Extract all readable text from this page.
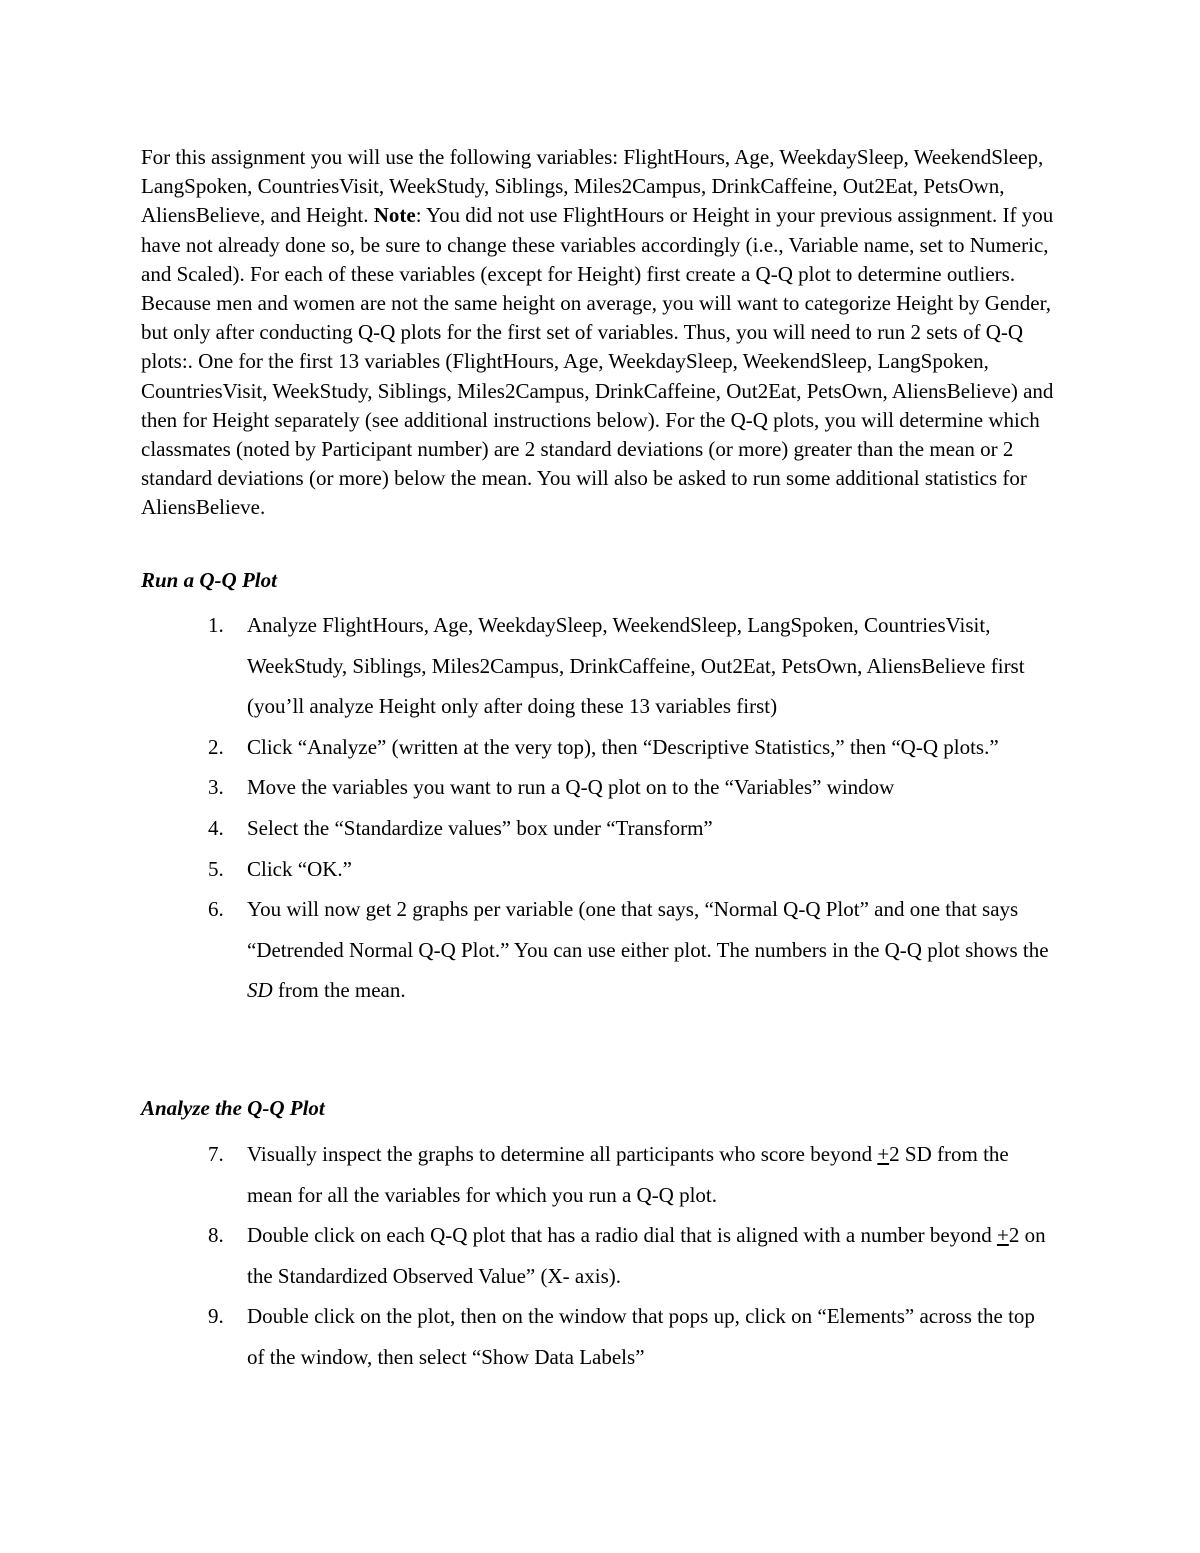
For this assignment you will use the following variables: FlightHours, Age, WeekdaySleep, WeekendSleep, LangSpoken, CountriesVisit, WeekStudy, Siblings, Miles2Campus, DrinkCaffeine, Out2Eat, PetsOwn, AliensBelieve, and Height. Note: You did not use FlightHours or Height in your previous assignment. If you have not already done so, be sure to change these variables accordingly (i.e., Variable name, set to Numeric, and Scaled). For each of these variables (except for Height) first create a Q-Q plot to determine outliers. Because men and women are not the same height on average, you will want to categorize Height by Gender, but only after conducting Q-Q plots for the first set of variables. Thus, you will need to run 2 sets of Q-Q plots:. One for the first 13 variables (FlightHours, Age, WeekdaySleep, WeekendSleep, LangSpoken, CountriesVisit, WeekStudy, Siblings, Miles2Campus, DrinkCaffeine, Out2Eat, PetsOwn, AliensBelieve) and then for Height separately (see additional instructions below). For the Q-Q plots, you will determine which classmates (noted by Participant number) are 2 standard deviations (or more) greater than the mean or 2 standard deviations (or more) below the mean. You will also be asked to run some additional statistics for AliensBelieve.

Run a Q-Q Plot

1. Analyze FlightHours, Age, WeekdaySleep, WeekendSleep, LangSpoken, CountriesVisit, WeekStudy, Siblings, Miles2Campus, DrinkCaffeine, Out2Eat, PetsOwn, AliensBelieve first (you’ll analyze Height only after doing these 13 variables first)
2. Click “Analyze” (written at the very top), then “Descriptive Statistics,” then “Q-Q plots.”
3. Move the variables you want to run a Q-Q plot on to the “Variables” window
4. Select the “Standardize values” box under “Transform”
5. Click “OK.”
6. You will now get 2 graphs per variable (one that says, “Normal Q-Q Plot” and one that says “Detrended Normal Q-Q Plot.” You can use either plot. The numbers in the Q-Q plot shows the SD from the mean.

Analyze the Q-Q Plot

7. Visually inspect the graphs to determine all participants who score beyond +2 SD from the mean for all the variables for which you run a Q-Q plot.
8. Double click on each Q-Q plot that has a radio dial that is aligned with a number beyond +2 on the Standardized Observed Value” (X- axis).
9. Double click on the plot, then on the window that pops up, click on “Elements” across the top of the window, then select “Show Data Labels”
